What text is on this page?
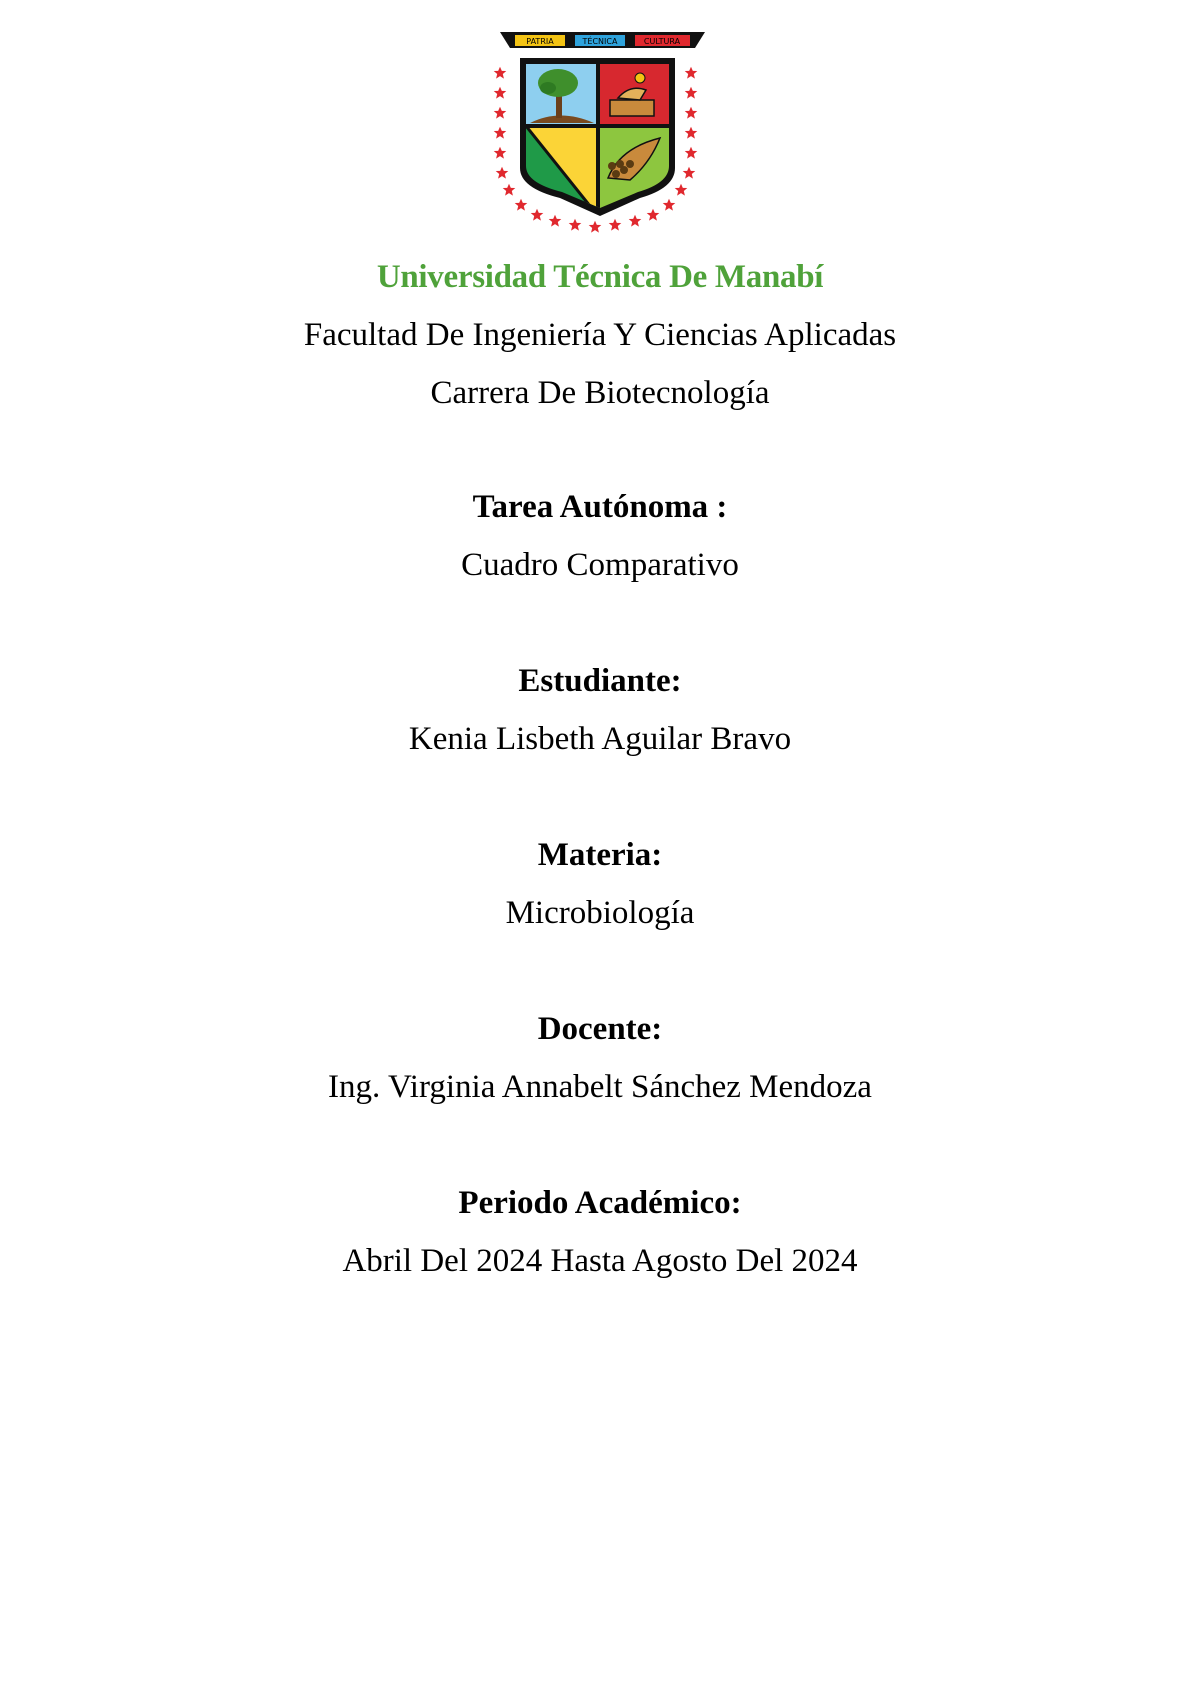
PATRIA	TÉCNICA	CULTURA
Universidad Técnica De Manabí
Facultad De Ingeniería Y Ciencias Aplicadas
Carrera De Biotecnología
Tarea Autónoma :
Cuadro Comparativo
Estudiante:
Kenia Lisbeth Aguilar Bravo
Materia:
Microbiología
Docente:
Ing. Virginia Annabelt Sánchez Mendoza
Periodo Académico:
Abril Del 2024 Hasta Agosto Del 2024
